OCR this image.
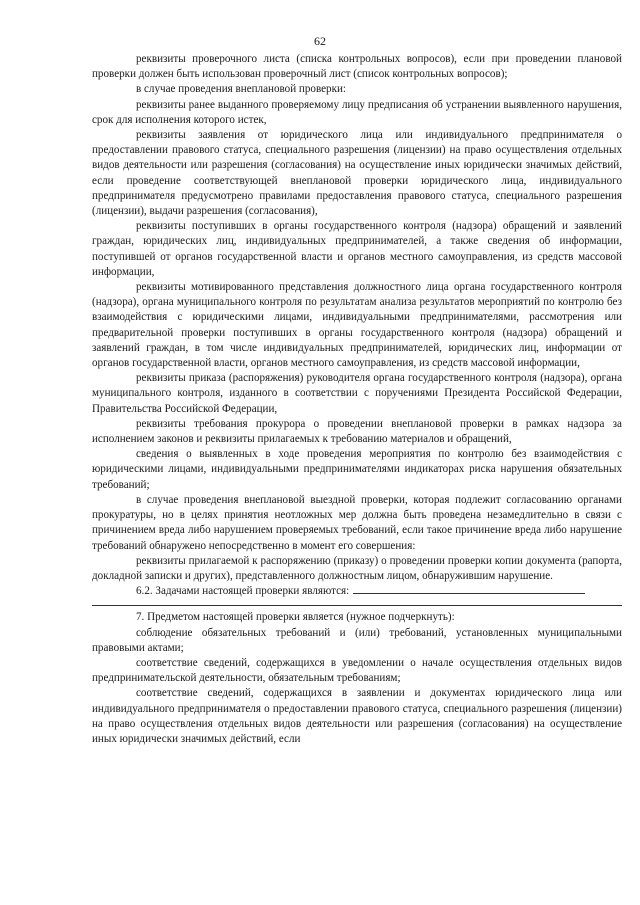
62

реквизиты проверочного листа (списка контрольных вопросов), если при проведении плановой проверки должен быть использован проверочный лист (список контрольных вопросов);

в случае проведения внеплановой проверки:

реквизиты ранее выданного проверяемому лицу предписания об устранении выявленного нарушения, срок для исполнения которого истек,

реквизиты заявления от юридического лица или индивидуального предпринимателя о предоставлении правового статуса, специального разрешения (лицензии) на право осуществления отдельных видов деятельности или разрешения (согласования) на осуществление иных юридически значимых действий, если проведение соответствующей внеплановой проверки юридического лица, индивидуального предпринимателя предусмотрено правилами предоставления правового статуса, специального разрешения (лицензии), выдачи разрешения (согласования),

реквизиты поступивших в органы государственного контроля (надзора) обращений и заявлений граждан, юридических лиц, индивидуальных предпринимателей, а также сведения об информации, поступившей от органов государственной власти и органов местного самоуправления, из средств массовой информации,

реквизиты мотивированного представления должностного лица органа государственного контроля (надзора), органа муниципального контроля по результатам анализа результатов мероприятий по контролю без взаимодействия с юридическими лицами, индивидуальными предпринимателями, рассмотрения или предварительной проверки поступивших в органы государственного контроля (надзора) обращений и заявлений граждан, в том числе индивидуальных предпринимателей, юридических лиц, информации от органов государственной власти, органов местного самоуправления, из средств массовой информации,

реквизиты приказа (распоряжения) руководителя органа государственного контроля (надзора), органа муниципального контроля, изданного в соответствии с поручениями Президента Российской Федерации, Правительства Российской Федерации,

реквизиты требования прокурора о проведении внеплановой проверки в рамках надзора за исполнением законов и реквизиты прилагаемых к требованию материалов и обращений,

сведения о выявленных в ходе проведения мероприятия по контролю без взаимодействия с юридическими лицами, индивидуальными предпринимателями индикаторах риска нарушения обязательных требований;

в случае проведения внеплановой выездной проверки, которая подлежит согласованию органами прокуратуры, но в целях принятия неотложных мер должна быть проведена незамедлительно в связи с причинением вреда либо нарушением проверяемых требований, если такое причинение вреда либо нарушение требований обнаружено непосредственно в момент его совершения:

реквизиты прилагаемой к распоряжению (приказу) о проведении проверки копии документа (рапорта, докладной записки и других), представленного должностным лицом, обнаружившим нарушение.

6.2. Задачами настоящей проверки являются:

7. Предметом настоящей проверки является (нужное подчеркнуть):

соблюдение обязательных требований и (или) требований, установленных муниципальными правовыми актами;

соответствие сведений, содержащихся в уведомлении о начале осуществления отдельных видов предпринимательской деятельности, обязательным требованиям;

соответствие сведений, содержащихся в заявлении и документах юридического лица или индивидуального предпринимателя о предоставлении правового статуса, специального разрешения (лицензии) на право осуществления отдельных видов деятельности или разрешения (согласования) на осуществление иных юридически значимых действий, если
